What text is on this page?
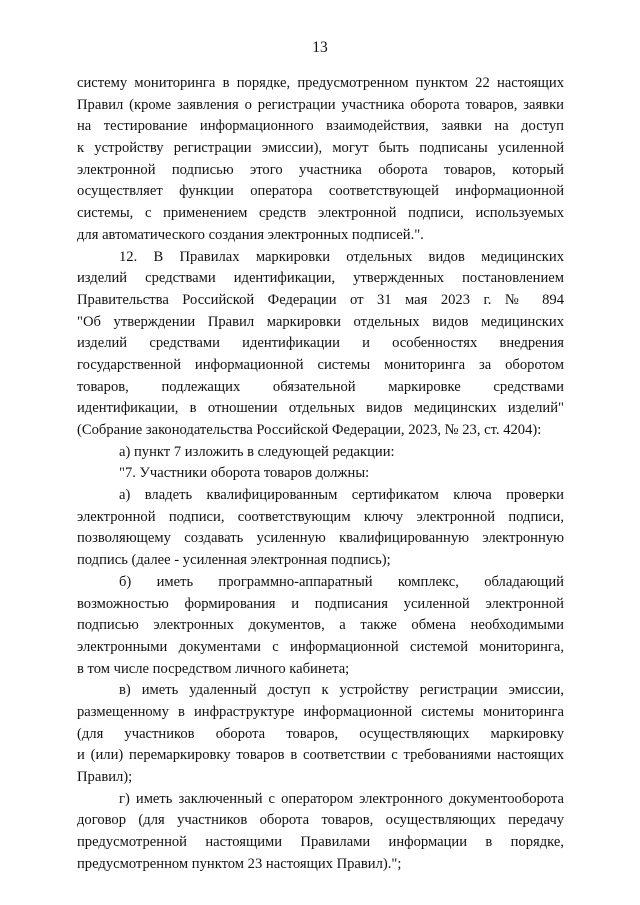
13
систему мониторинга в порядке, предусмотренном пунктом 22 настоящих
Правил (кроме заявления о регистрации участника оборота товаров, заявки
на тестирование информационного взаимодействия, заявки на доступ
к устройству регистрации эмиссии), могут быть подписаны усиленной
электронной подписью этого участника оборота товаров, который
осуществляет функции оператора соответствующей информационной
системы, с применением средств электронной подписи, используемых
для автоматического создания электронных подписей.".
12. В Правилах маркировки отдельных видов медицинских
изделий средствами идентификации, утвержденных постановлением
Правительства Российской Федерации от 31 мая 2023 г. № 894
"Об утверждении Правил маркировки отдельных видов медицинских
изделий средствами идентификации и особенностях внедрения
государственной информационной системы мониторинга за оборотом
товаров, подлежащих обязательной маркировке средствами
идентификации, в отношении отдельных видов медицинских изделий"
(Собрание законодательства Российской Федерации, 2023, № 23, ст. 4204):
а) пункт 7 изложить в следующей редакции:
"7. Участники оборота товаров должны:
а) владеть квалифицированным сертификатом ключа проверки
электронной подписи, соответствующим ключу электронной подписи,
позволяющему создавать усиленную квалифицированную электронную
подпись (далее - усиленная электронная подпись);
б) иметь программно-аппаратный комплекс, обладающий
возможностью формирования и подписания усиленной электронной
подписью электронных документов, а также обмена необходимыми
электронными документами с информационной системой мониторинга,
в том числе посредством личного кабинета;
в) иметь удаленный доступ к устройству регистрации эмиссии,
размещенному в инфраструктуре информационной системы мониторинга
(для участников оборота товаров, осуществляющих маркировку
и (или) перемаркировку товаров в соответствии с требованиями настоящих
Правил);
г) иметь заключенный с оператором электронного документооборота
договор (для участников оборота товаров, осуществляющих передачу
предусмотренной настоящими Правилами информации в порядке,
предусмотренном пунктом 23 настоящих Правил).";
